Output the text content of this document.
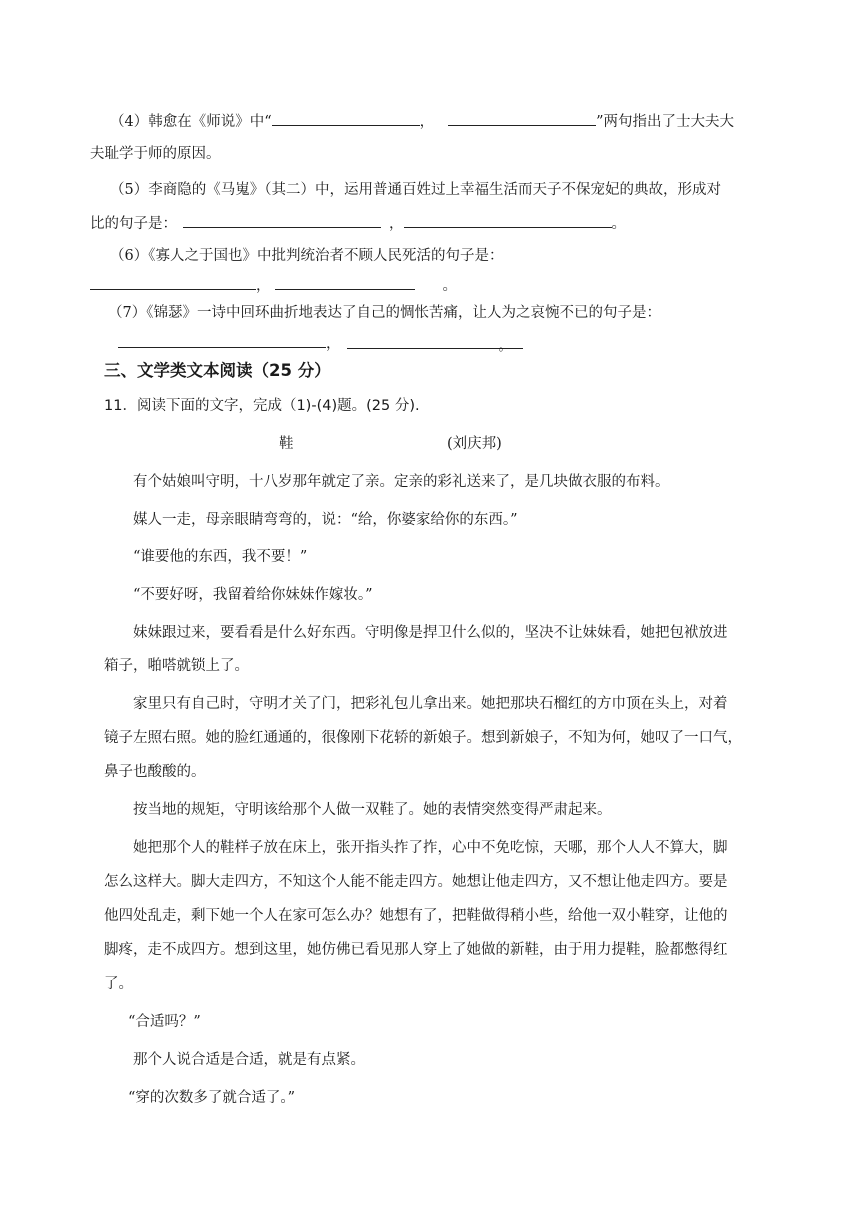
（4）韩愈在《师说》中“	，	”两句指出了士大夫大
夫耻学于师的原因。
（5）李商隐的《马嵬》（其二）中，运用普通百姓过上幸福生活而天子不保宠妃的典故，形成对
比的句子是：	，	。
（6）《寡人之于国也》中批判统治者不顾人民死活的句子是：
，	。
（7）《锦瑟》一诗中回环曲折地表达了自己的惆怅苦痛，让人为之哀惋不已的句子是：
，	。
三、文学类文本阅读（25 分）
11．阅读下面的文字，完成（1)-(4)题。(25 分).
鞋	(刘庆邦)
有个姑娘叫守明，十八岁那年就定了亲。定亲的彩礼送来了，是几块做衣服的布料。
媒人一走，母亲眼睛弯弯的，说：“给，你婆家给你的东西。”
“谁要他的东西，我不要！”
“不要好呀，我留着给你妹妹作嫁妆。”
妹妹跟过来，要看看是什么好东西。守明像是捍卫什么似的，坚决不让妹妹看，她把包袱放进
箱子，啪嗒就锁上了。
家里只有自己时，守明才关了门，把彩礼包儿拿出来。她把那块石榴红的方巾顶在头上，对着
镜子左照右照。她的脸红通通的，很像刚下花轿的新娘子。想到新娘子，不知为何，她叹了一口气，
鼻子也酸酸的。
按当地的规矩，守明该给那个人做一双鞋了。她的表情突然变得严肃起来。
她把那个人的鞋样子放在床上，张开指头拃了拃，心中不免吃惊，天哪，那个人人不算大，脚
怎么这样大。脚大走四方，不知这个人能不能走四方。她想让他走四方，又不想让他走四方。要是
他四处乱走，剩下她一个人在家可怎么办？她想有了，把鞋做得稍小些，给他一双小鞋穿，让他的
脚疼，走不成四方。想到这里，她仿佛已看见那人穿上了她做的新鞋，由于用力提鞋，脸都憋得红
了。
“合适吗？”
那个人说合适是合适，就是有点紧。
“穿的次数多了就合适了。”
